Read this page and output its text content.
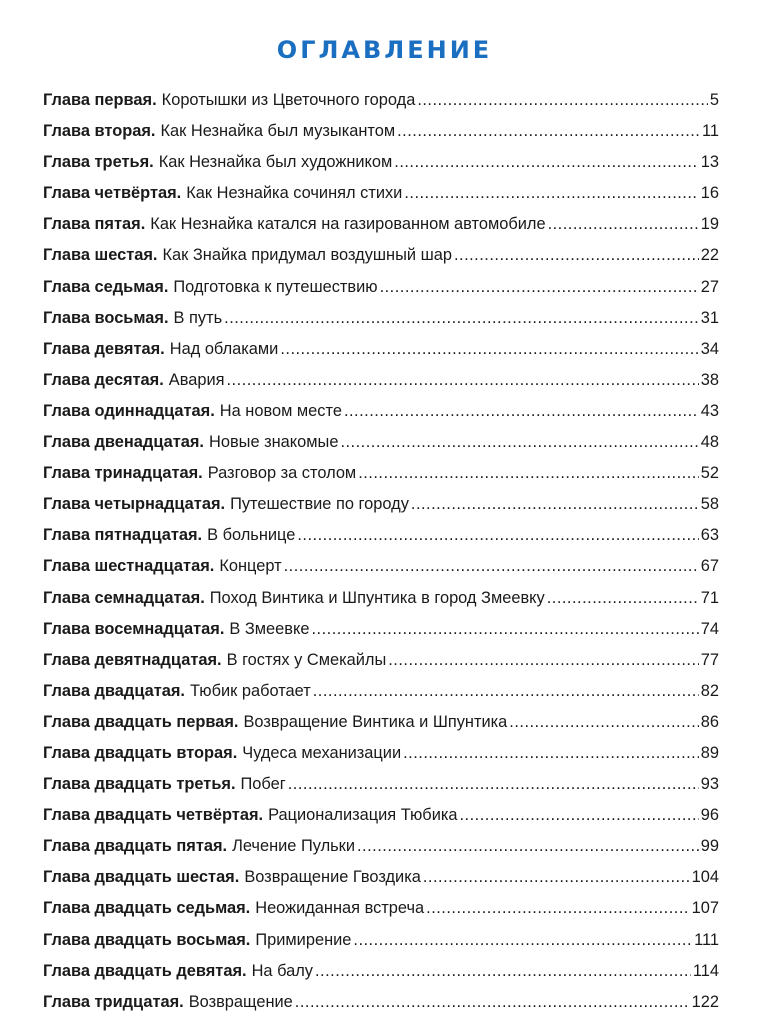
ОГЛАВЛЕНИЕ
Глава первая. Коротышки из Цветочного города .....	5
Глава вторая. Как Незнайка был музыкантом .....	11
Глава третья. Как Незнайка был художником .....	13
Глава четвёртая. Как Незнайка сочинял стихи .....	16
Глава пятая. Как Незнайка катался на газированном автомобиле .....	19
Глава шестая. Как Знайка придумал воздушный шар .....	22
Глава седьмая. Подготовка к путешествию .....	27
Глава восьмая. В путь .....	31
Глава девятая. Над облаками .....	34
Глава десятая. Авария .....	38
Глава одиннадцатая. На новом месте .....	43
Глава двенадцатая. Новые знакомые .....	48
Глава тринадцатая. Разговор за столом .....	52
Глава четырнадцатая. Путешествие по городу .....	58
Глава пятнадцатая. В больнице .....	63
Глава шестнадцатая. Концерт .....	67
Глава семнадцатая. Поход Винтика и Шпунтика в город Змеевку .....	71
Глава восемнадцатая. В Змеевке .....	74
Глава девятнадцатая. В гостях у Смекайлы .....	77
Глава двадцатая. Тюбик работает .....	82
Глава двадцать первая. Возвращение Винтика и Шпунтика .....	86
Глава двадцать вторая. Чудеса механизации .....	89
Глава двадцать третья. Побег .....	93
Глава двадцать четвёртая. Рационализация Тюбика .....	96
Глава двадцать пятая. Лечение Пульки .....	99
Глава двадцать шестая. Возвращение Гвоздика .....	104
Глава двадцать седьмая. Неожиданная встреча .....	107
Глава двадцать восьмая. Примирение .....	111
Глава двадцать девятая. На балу .....	114
Глава тридцатая. Возвращение .....	122
